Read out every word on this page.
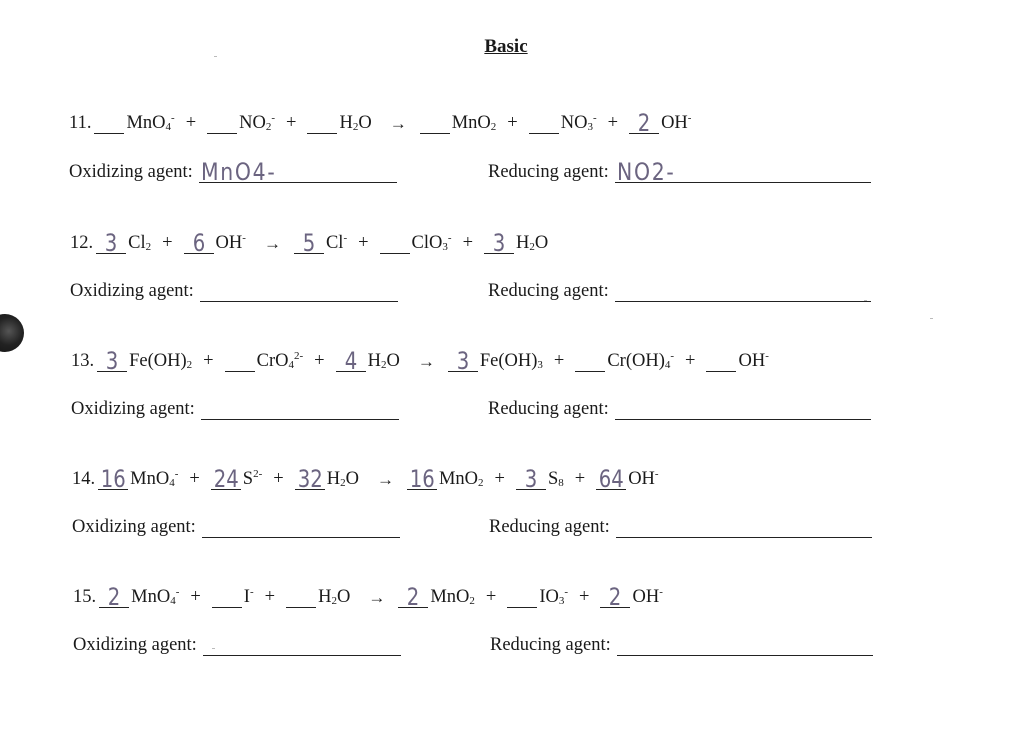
Basic
11.	MnO$_4$- +	$NO_2^-$ +	$H_2O$ →	MnO$_2$ +	$NO_3^- + 2$ OH-
Oxidizing agent: MnO4-	Reducing agent: NO2-
12. 3 $Cl_2 + 6$ OH- → 5 Cl- +	ClO$_3$- + 3 $H_2O$
Oxidizing agent:	Reducing agent:
13. 3 $Fe(OH)_2$ +	CrO$_4^{2-}$ + 4 $H_2O \to 3$ $Fe(OH)_3$ +	$Cr(OH)_4^-$ +	OH-
Oxidizing agent:	Reducing agent:
14. 16 MnO$_4$- + 24 $S^{2-} + 32$ $H_2O \to 16$ MnO$_2$ + 3 $S_8 + 64$ OH-
Oxidizing agent:	Reducing agent:
15. 2 MnO$_4$- +	I- +	$H_2O \to 2$ MnO$_2$ +	$IO_3^- + 2$ OH-
Oxidizing agent:	Reducing agent:
